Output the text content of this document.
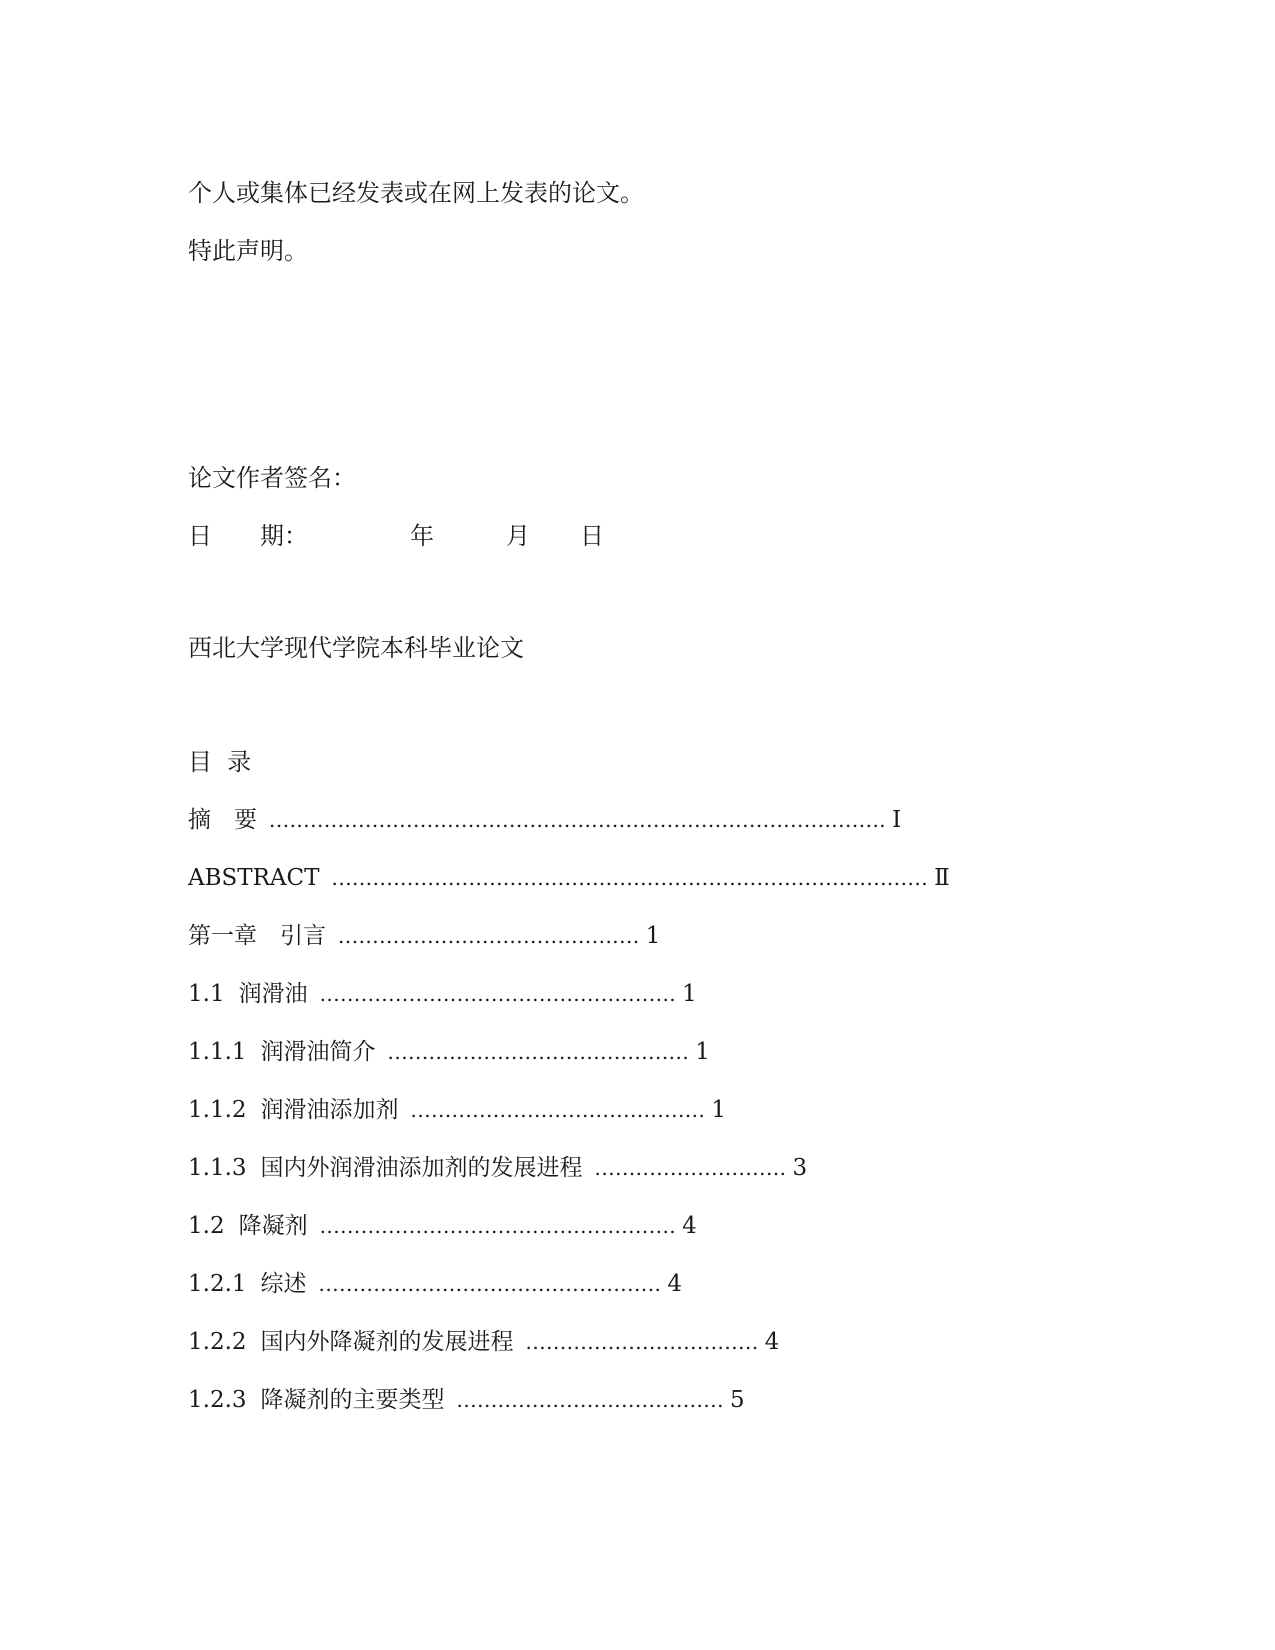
个人或集体已经发表或在网上发表的论文。
特此声明。
论文作者签名：
日　　期：	年	月 日
西北大学现代学院本科毕业论文
目  录
摘　要 .......................................................................................... Ⅰ
ABSTRACT ....................................................................................... Ⅱ
第一章　引言 ............................................ 1
1.1 润滑油 .................................................... 1
1.1.1 润滑油简介 ............................................ 1
1.1.2 润滑油添加剂 ........................................... 1
1.1.3 国内外润滑油添加剂的发展进程 ............................ 3
1.2 降凝剂 .................................................... 4
1.2.1 综述 .................................................. 4
1.2.2 国内外降凝剂的发展进程 .................................. 4
1.2.3 降凝剂的主要类型 ....................................... 5
